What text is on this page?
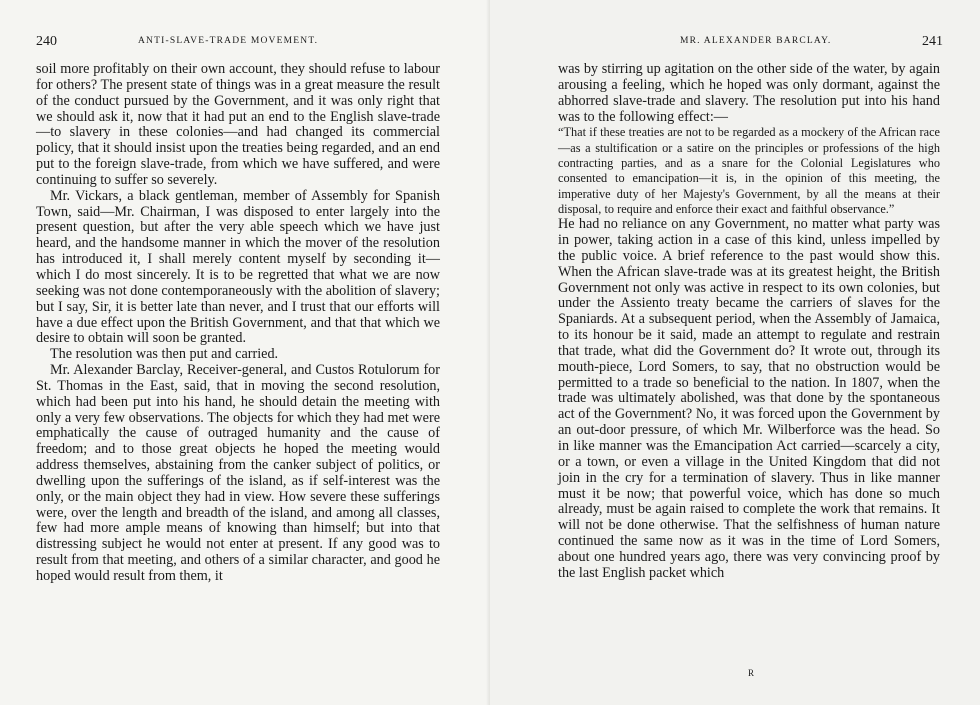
240	ANTI-SLAVE-TRADE MOVEMENT.

soil more profitably on their own account, they should refuse to labour for others? The present state of things was in a great measure the result of the conduct pursued by the Government, and it was only right that we should ask it, now that it had put an end to the English slave-trade—to slavery in these colonies—and had changed its commercial policy, that it should insist upon the treaties being regarded, and an end put to the foreign slave-trade, from which we have suffered, and were continuing to suffer so severely.

Mr. Vickars, a black gentleman, member of Assembly for Spanish Town, said—Mr. Chairman, I was disposed to enter largely into the present question, but after the very able speech which we have just heard, and the handsome manner in which the mover of the resolution has introduced it, I shall merely content myself by seconding it—which I do most sincerely. It is to be regretted that what we are now seeking was not done contemporaneously with the abolition of slavery; but I say, Sir, it is better late than never, and I trust that our efforts will have a due effect upon the British Government, and that that which we desire to obtain will soon be granted.

The resolution was then put and carried.

Mr. Alexander Barclay, Receiver-general, and Custos Rotulorum for St. Thomas in the East, said, that in moving the second resolution, which had been put into his hand, he should detain the meeting with only a very few observations. The objects for which they had met were emphatically the cause of outraged humanity and the cause of freedom; and to those great objects he hoped the meeting would address themselves, abstaining from the canker subject of politics, or dwelling upon the sufferings of the island, as if self-interest was the only, or the main object they had in view. How severe these sufferings were, over the length and breadth of the island, and among all classes, few had more ample means of knowing than himself; but into that distressing subject he would not enter at present. If any good was to result from that meeting, and others of a similar character, and good he hoped would result from them, it

MR. ALEXANDER BARCLAY.	241

was by stirring up agitation on the other side of the water, by again arousing a feeling, which he hoped was only dormant, against the abhorred slave-trade and slavery. The resolution put into his hand was to the following effect:—

“That if these treaties are not to be regarded as a mockery of the African race—as a stultification or a satire on the principles or professions of the high contracting parties, and as a snare for the Colonial Legislatures who consented to emancipation—it is, in the opinion of this meeting, the imperative duty of her Majesty's Government, by all the means at their disposal, to require and enforce their exact and faithful observance.”

He had no reliance on any Government, no matter what party was in power, taking action in a case of this kind, unless impelled by the public voice. A brief reference to the past would show this. When the African slave-trade was at its greatest height, the British Government not only was active in respect to its own colonies, but under the Assiento treaty became the carriers of slaves for the Spaniards. At a subsequent period, when the Assembly of Jamaica, to its honour be it said, made an attempt to regulate and restrain that trade, what did the Government do? It wrote out, through its mouth-piece, Lord Somers, to say, that no obstruction would be permitted to a trade so beneficial to the nation. In 1807, when the trade was ultimately abolished, was that done by the spontaneous act of the Government? No, it was forced upon the Government by an out-door pressure, of which Mr. Wilberforce was the head. So in like manner was the Emancipation Act carried—scarcely a city, or a town, or even a village in the United Kingdom that did not join in the cry for a termination of slavery. Thus in like manner must it be now; that powerful voice, which has done so much already, must be again raised to complete the work that remains. It will not be done otherwise. That the selfishness of human nature continued the same now as it was in the time of Lord Somers, about one hundred years ago, there was very convincing proof by the last English packet which

R
